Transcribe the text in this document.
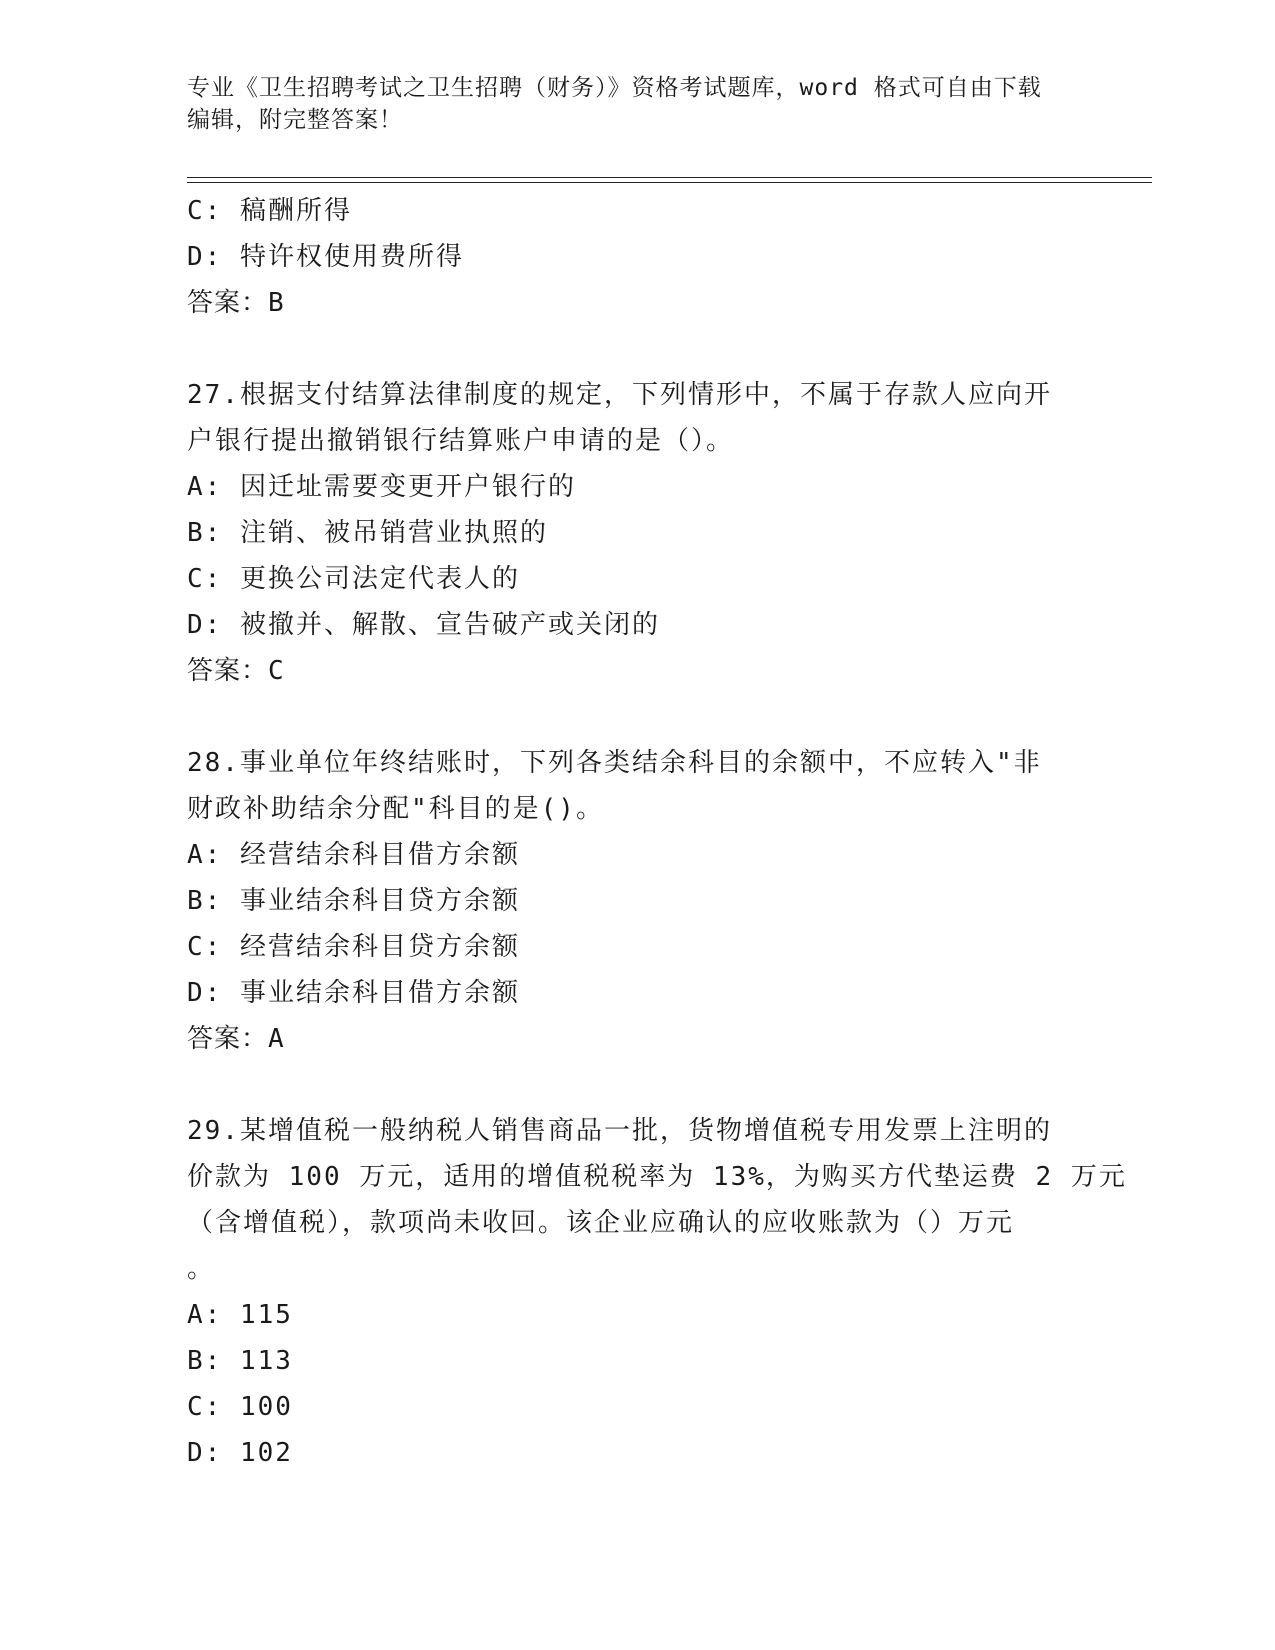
专业《卫生招聘考试之卫生招聘（财务）》资格考试题库，word 格式可自由下载
编辑，附完整答案！
C: 稿酬所得
D: 特许权使用费所得
答案：B
27.根据支付结算法律制度的规定，下列情形中，不属于存款人应向开
户银行提出撤销银行结算账户申请的是（）。
A: 因迁址需要变更开户银行的
B: 注销、被吊销营业执照的
C: 更换公司法定代表人的
D: 被撤并、解散、宣告破产或关闭的
答案：C
28.事业单位年终结账时，下列各类结余科目的余额中，不应转入"非
财政补助结余分配"科目的是()。
A: 经营结余科目借方余额
B: 事业结余科目贷方余额
C: 经营结余科目贷方余额
D: 事业结余科目借方余额
答案：A
29.某增值税一般纳税人销售商品一批，货物增值税专用发票上注明的
价款为 100 万元，适用的增值税税率为 13%，为购买方代垫运费 2 万元
（含增值税），款项尚未收回。该企业应确认的应收账款为（）万元
。
A: 115
B: 113
C: 100
D: 102
